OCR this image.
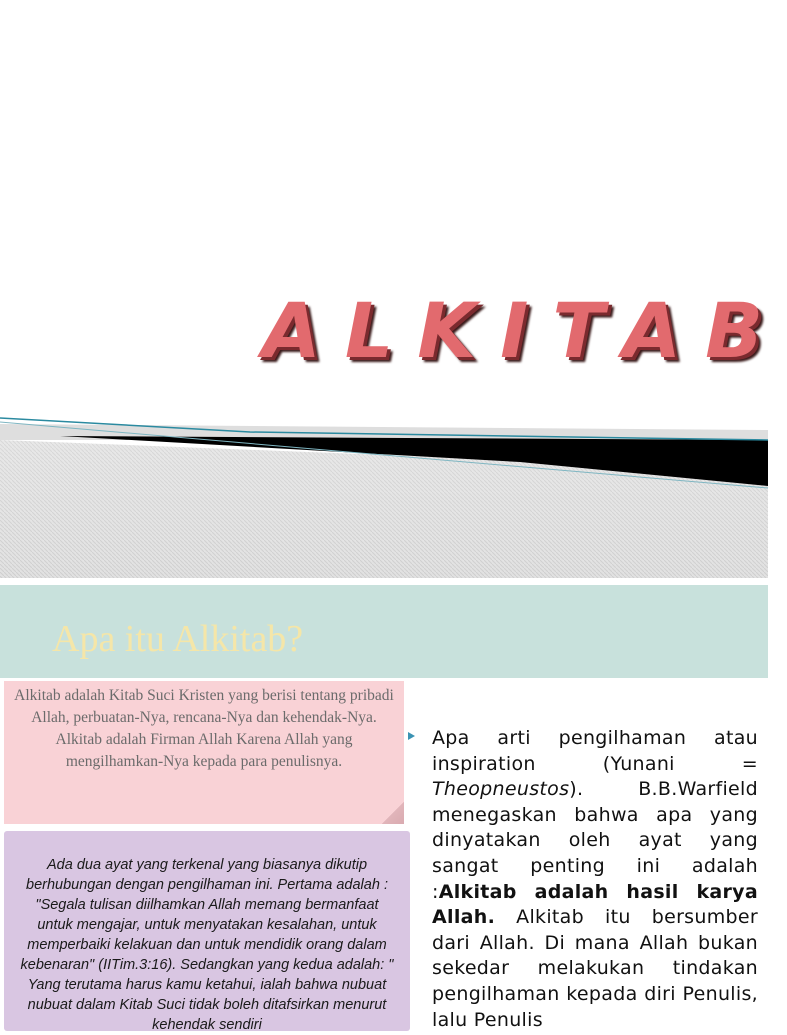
ALKITAB
Apa itu Alkitab?
Alkitab adalah Kitab Suci Kristen yang berisi tentang pribadi Allah, perbuatan-Nya, rencana-Nya dan kehendak-Nya. Alkitab adalah Firman Allah Karena Allah yang mengilhamkan-Nya kepada para penulisnya.
Ada dua ayat yang terkenal yang biasanya dikutip berhubungan dengan pengilhaman ini. Pertama adalah : "Segala tulisan diilhamkan Allah memang bermanfaat untuk mengajar, untuk menyatakan kesalahan, untuk memperbaiki kelakuan dan untuk mendidik orang dalam kebenaran" (IITim.3:16). Sedangkan yang kedua adalah: " Yang terutama harus kamu ketahui, ialah bahwa nubuat nubuat dalam Kitab Suci tidak boleh ditafsirkan menurut kehendak sendiri
Apa arti pengilhaman atau inspiration (Yunani = Theopneustos). B.B.Warfield menegaskan bahwa apa yang dinyatakan oleh ayat yang sangat penting ini adalah :Alkitab adalah hasil karya Allah. Alkitab itu bersumber dari Allah. Di mana Allah bukan sekedar melakukan tindakan pengilhaman kepada diri Penulis, lalu Penulis
